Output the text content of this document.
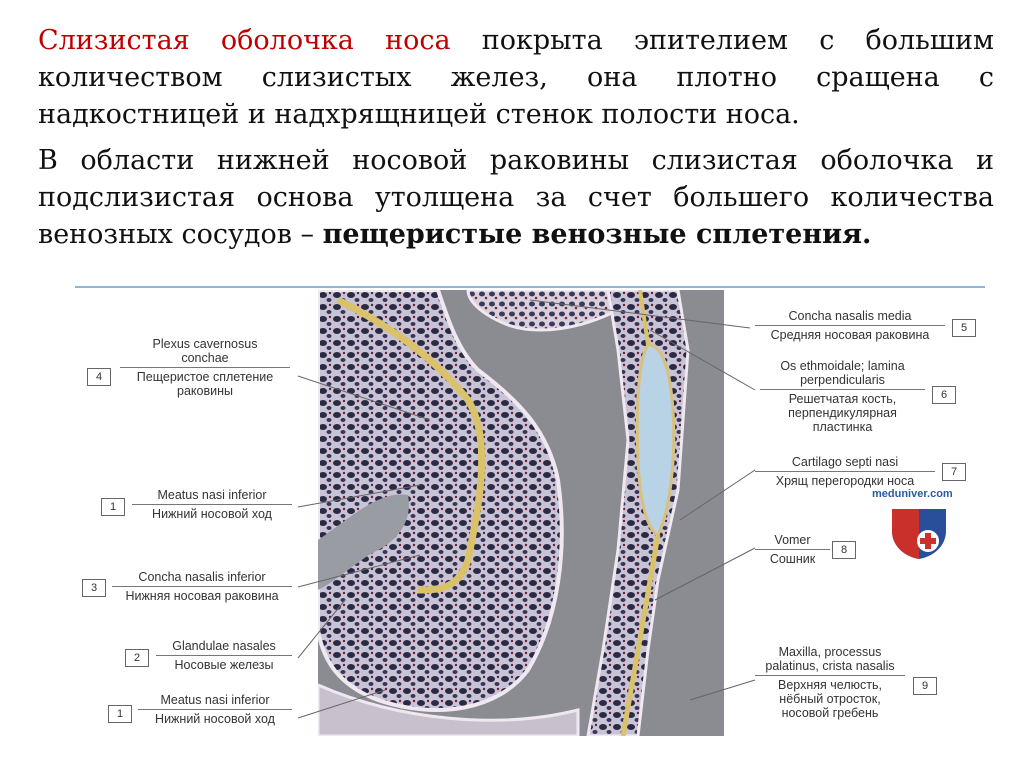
Слизистая оболочка носа покрыта эпителием с большим количеством слизистых желез, она плотно сращена с надкостницей и надхрящницей стенок полости носа.
В области нижней носовой раковины слизистая оболочка и подслизистая основа утолщена за счет большего количества венозных сосудов – пещеристые венозные сплетения.
4
Plexus cavernosus conchae
Пещеристое сплетение раковины
1
Meatus nasi inferior
Нижний носовой ход
3
Concha nasalis inferior
Нижняя носовая раковина
2
Glandulae nasales
Носовые железы
1
Meatus nasi inferior
Нижний носовой ход
Concha nasalis media
Средняя носовая раковина	5
Os ethmoidale; lamina perpendicularis
Решетчатая кость, перпендикулярная пластинка
6
Cartilago septi nasi
Хрящ перегородки носа
7
meduniver.com
Vomer
Сошник
8
Maxilla, processus palatinus, crista nasalis
Верхняя челюсть, нёбный отросток, носовой гребень
9
